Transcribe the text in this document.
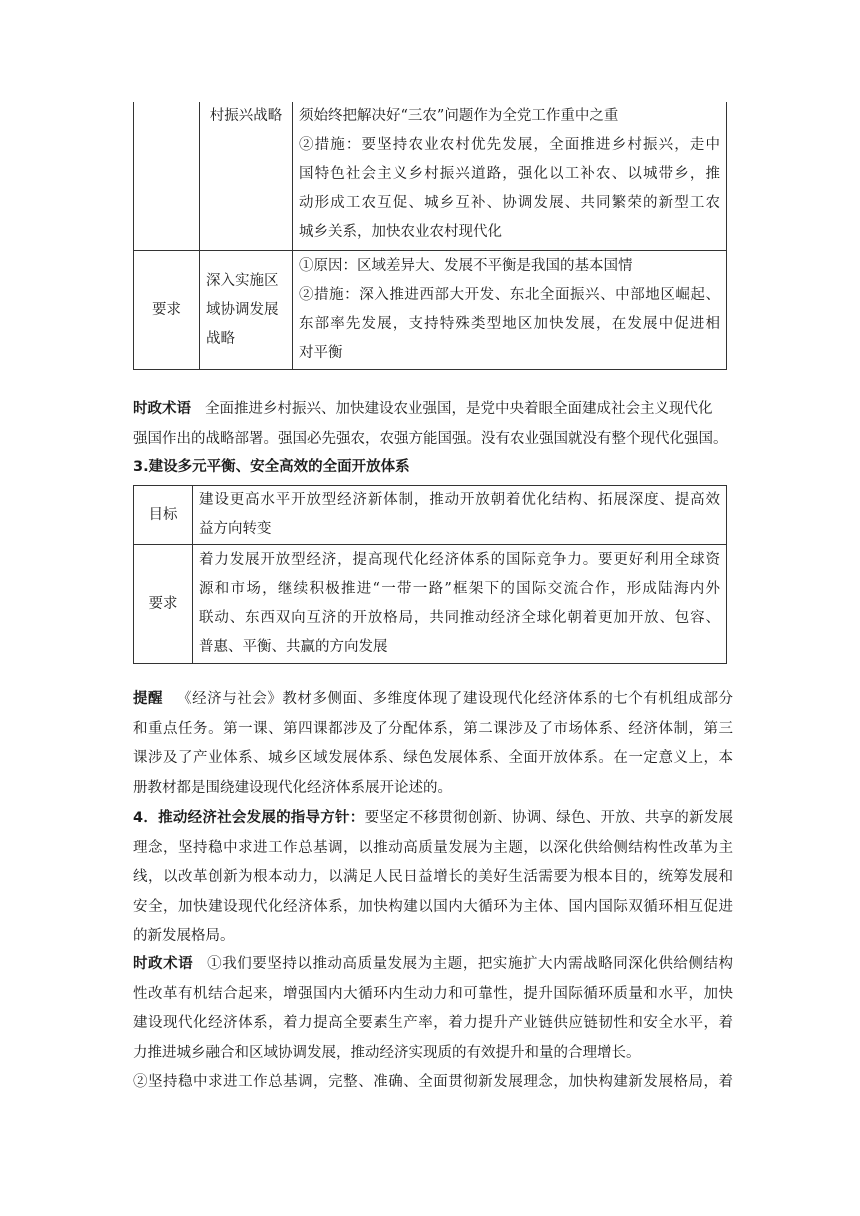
	村振兴战略	须始终把解决好“三农”问题作为全党工作重中之重
②措施：要坚持农业农村优先发展，全面推进乡村振兴，走中
国特色社会主义乡村振兴道路，强化以工补农、以城带乡，推
动形成工农互促、城乡互补、协调发展、共同繁荣的新型工农
城乡关系，加快农业农村现代化

要求	深入实施区
域协调发展
战略	①原因：区域差异大、发展不平衡是我国的基本国情
②措施：深入推进西部大开发、东北全面振兴、中部地区崛起、
东部率先发展，支持特殊类型地区加快发展，在发展中促进相
对平衡
时政术语 全面推进乡村振兴、加快建设农业强国，是党中央着眼全面建成社会主义现代化
强国作出的战略部署。强国必先强农，农强方能国强。没有农业强国就没有整个现代化强国。
3.建设多元平衡、安全高效的全面开放体系
目标	建设更高水平开放型经济新体制，推动开放朝着优化结构、拓展深度、提高效
益方向转变

要求	着力发展开放型经济，提高现代化经济体系的国际竞争力。要更好利用全球资
源和市场，继续积极推进“一带一路”框架下的国际交流合作，形成陆海内外
联动、东西双向互济的开放格局，共同推动经济全球化朝着更加开放、包容、
普惠、平衡、共赢的方向发展
提醒 《经济与社会》教材多侧面、多维度体现了建设现代化经济体系的七个有机组成部分
和重点任务。第一课、第四课都涉及了分配体系，第二课涉及了市场体系、经济体制，第三
课涉及了产业体系、城乡区域发展体系、绿色发展体系、全面开放体系。在一定意义上，本
册教材都是围绕建设现代化经济体系展开论述的。
4．推动经济社会发展的指导方针：要坚定不移贯彻创新、协调、绿色、开放、共享的新发展
理念，坚持稳中求进工作总基调，以推动高质量发展为主题，以深化供给侧结构性改革为主
线，以改革创新为根本动力，以满足人民日益增长的美好生活需要为根本目的，统筹发展和
安全，加快建设现代化经济体系，加快构建以国内大循环为主体、国内国际双循环相互促进
的新发展格局。
时政术语 ①我们要坚持以推动高质量发展为主题，把实施扩大内需战略同深化供给侧结构
性改革有机结合起来，增强国内大循环内生动力和可靠性，提升国际循环质量和水平，加快
建设现代化经济体系，着力提高全要素生产率，着力提升产业链供应链韧性和安全水平，着
力推进城乡融合和区域协调发展，推动经济实现质的有效提升和量的合理增长。
②坚持稳中求进工作总基调，完整、准确、全面贯彻新发展理念，加快构建新发展格局，着
